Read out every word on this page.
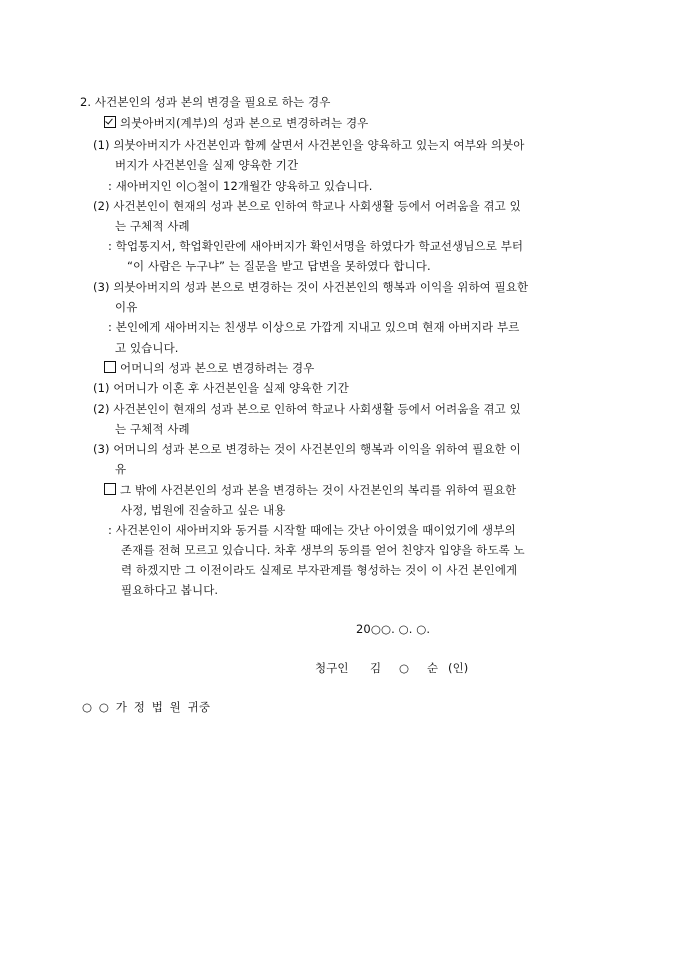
2. 사건본인의 성과 본의 변경을 필요로 하는 경우
의붓아버지(계부)의 성과 본으로 변경하려는 경우
(1) 의붓아버지가 사건본인과 함께 살면서 사건본인을 양육하고 있는지 여부와 의붓아
버지가 사건본인을 실제 양육한 기간
: 새아버지인 이○철이 12개월간 양육하고 있습니다.
(2) 사건본인이 현재의 성과 본으로 인하여 학교나 사회생활 등에서 어려움을 겪고 있
는 구체적 사례
: 학업통지서, 학업확인란에 새아버지가 확인서명을 하였다가 학교선생님으로 부터
“이 사람은 누구냐” 는 질문을 받고 답변을 못하였다 합니다.
(3) 의붓아버지의 성과 본으로 변경하는 것이 사건본인의 행복과 이익을 위하여 필요한
이유
: 본인에게 새아버지는 친생부 이상으로 가깝게 지내고 있으며 현재 아버지라 부르
고 있습니다.
어머니의 성과 본으로 변경하려는 경우
(1) 어머니가 이혼 후 사건본인을 실제 양육한 기간
(2) 사건본인이 현재의 성과 본으로 인하여 학교나 사회생활 등에서 어려움을 겪고 있
는 구체적 사례
(3) 어머니의 성과 본으로 변경하는 것이 사건본인의 행복과 이익을 위하여 필요한 이
유
그 밖에 사건본인의 성과 본을 변경하는 것이 사건본인의 복리를 위하여 필요한
사정, 법원에 진술하고 싶은 내용
: 사건본인이 새아버지와 동거를 시작할 때에는 갓난 아이였을 때이었기에 생부의
존재를 전혀 모르고 있습니다. 차후 생부의 동의를 얻어 친양자 입양을 하도록 노
력 하겠지만 그 이전이라도 실제로 부자관계를 형성하는 것이 이 사건 본인에게
필요하다고 봅니다.
20○○. ○. ○.
청구인 김 ○ 순 (인)
○ ○ 가 정 법 원 귀중
